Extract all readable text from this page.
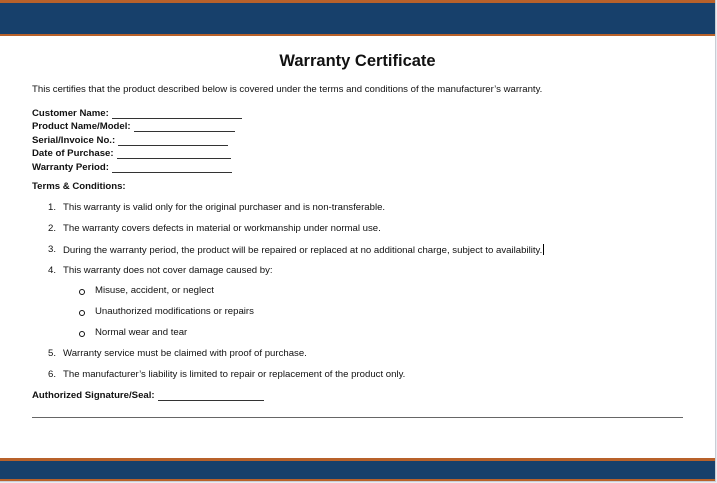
Warranty Certificate
This certifies that the product described below is covered under the terms and conditions of the manufacturer’s warranty.
Customer Name:
Product Name/Model:
Serial/Invoice No.:
Date of Purchase:
Warranty Period:
Terms & Conditions:
1. This warranty is valid only for the original purchaser and is non-transferable.
2. The warranty covers defects in material or workmanship under normal use.
3. During the warranty period, the product will be repaired or replaced at no additional charge, subject to availability.
4. This warranty does not cover damage caused by:
Misuse, accident, or neglect
Unauthorized modifications or repairs
Normal wear and tear
5. Warranty service must be claimed with proof of purchase.
6. The manufacturer’s liability is limited to repair or replacement of the product only.
Authorized Signature/Seal:
